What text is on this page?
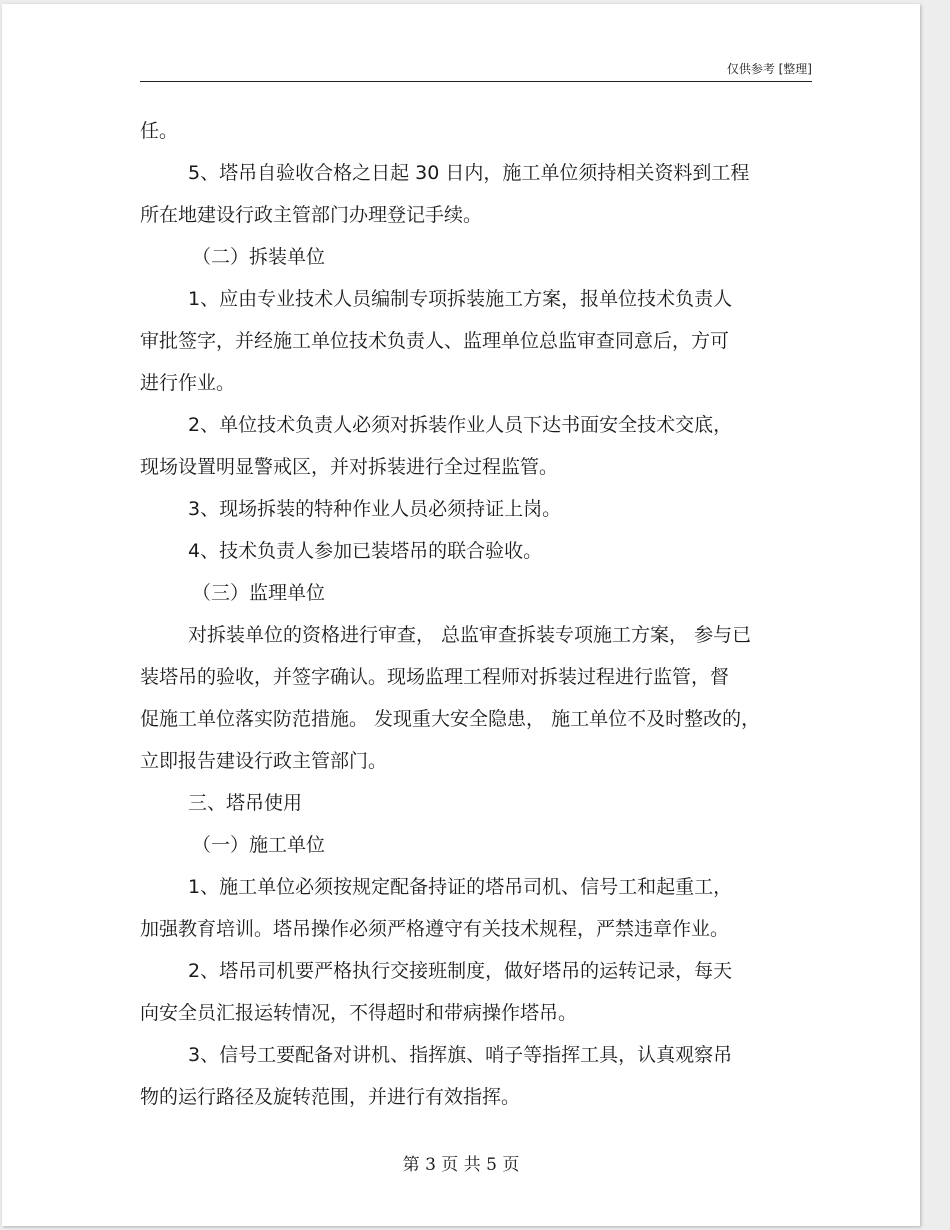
仅供参考 [整理]
任。
5、塔吊自验收合格之日起 30 日内，施工单位须持相关资料到工程
所在地建设行政主管部门办理登记手续。
（二）拆装单位
1、应由专业技术人员编制专项拆装施工方案，报单位技术负责人
审批签字，并经施工单位技术负责人、监理单位总监审查同意后，方可
进行作业。
2、单位技术负责人必须对拆装作业人员下达书面安全技术交底，
现场设置明显警戒区，并对拆装进行全过程监管。
3、现场拆装的特种作业人员必须持证上岗。
4、技术负责人参加已装塔吊的联合验收。
（三）监理单位
对拆装单位的资格进行审查， 总监审查拆装专项施工方案， 参与已
装塔吊的验收，并签字确认。现场监理工程师对拆装过程进行监管，督
促施工单位落实防范措施。 发现重大安全隐患， 施工单位不及时整改的，
立即报告建设行政主管部门。
三、塔吊使用
（一）施工单位
1、施工单位必须按规定配备持证的塔吊司机、信号工和起重工，
加强教育培训。塔吊操作必须严格遵守有关技术规程，严禁违章作业。
2、塔吊司机要严格执行交接班制度，做好塔吊的运转记录，每天
向安全员汇报运转情况，不得超时和带病操作塔吊。
3、信号工要配备对讲机、指挥旗、哨子等指挥工具，认真观察吊
物的运行路径及旋转范围，并进行有效指挥。
第 3 页 共 5 页
